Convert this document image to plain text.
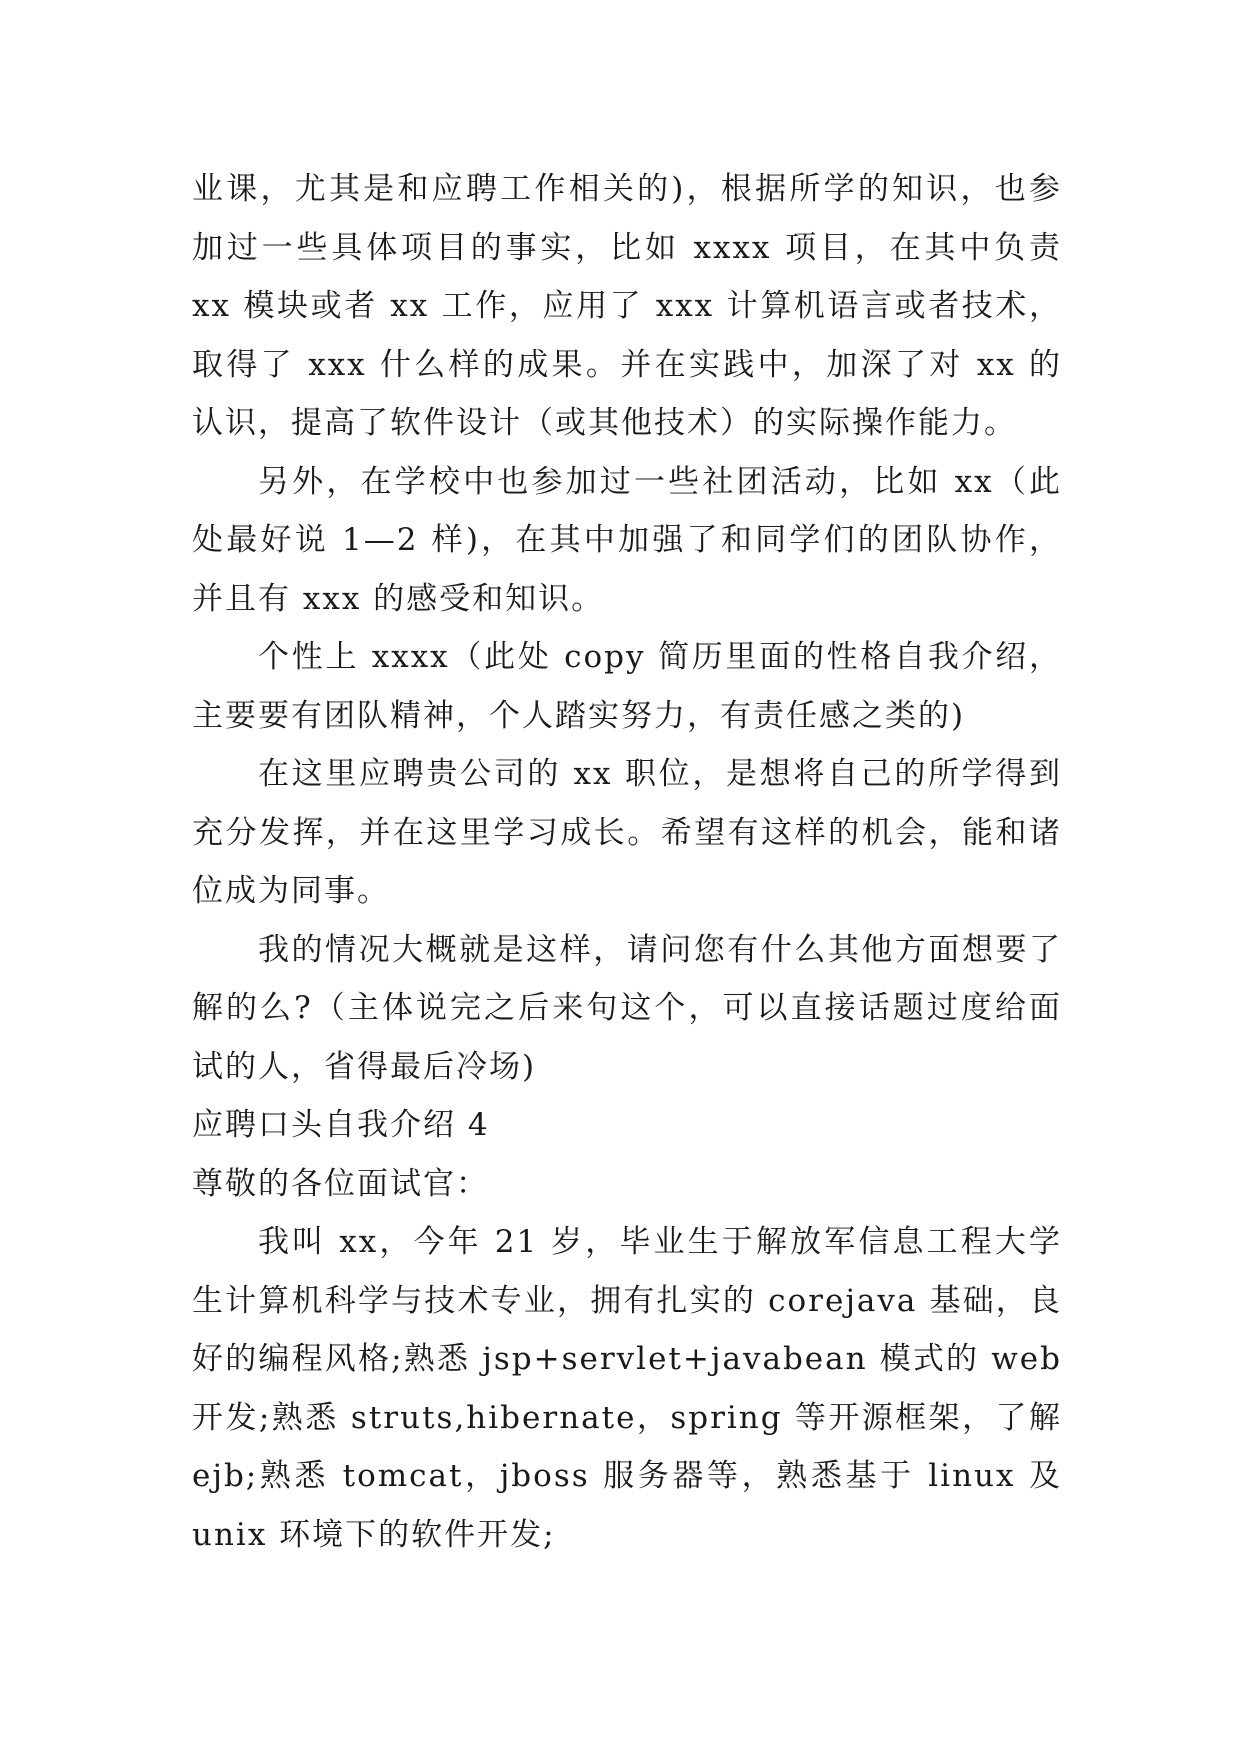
业课，尤其是和应聘工作相关的)，根据所学的知识，也参加过一些具体项目的事实，比如 xxxx 项目，在其中负责 xx 模块或者 xx 工作，应用了 xxx 计算机语言或者技术，取得了 xxx 什么样的成果。并在实践中，加深了对 xx 的认识，提高了软件设计（或其他技术）的实际操作能力。

另外，在学校中也参加过一些社团活动，比如 xx（此处最好说 1—2 样)，在其中加强了和同学们的团队协作，并且有 xxx 的感受和知识。

个性上 xxxx（此处 copy 简历里面的性格自我介绍，主要要有团队精神，个人踏实努力，有责任感之类的)

在这里应聘贵公司的 xx 职位，是想将自己的所学得到充分发挥，并在这里学习成长。希望有这样的机会，能和诸位成为同事。

我的情况大概就是这样，请问您有什么其他方面想要了解的么?（主体说完之后来句这个，可以直接话题过度给面试的人，省得最后冷场)

应聘口头自我介绍 4

尊敬的各位面试官：

我叫 xx，今年 21 岁，毕业生于解放军信息工程大学生计算机科学与技术专业，拥有扎实的 corejava 基础，良好的编程风格;熟悉 jsp+servlet+javabean 模式的 web 开发;熟悉 struts,hibernate，spring 等开源框架，了解 ejb;熟悉 tomcat，jboss 服务器等，熟悉基于 linux 及 unix 环境下的软件开发;
